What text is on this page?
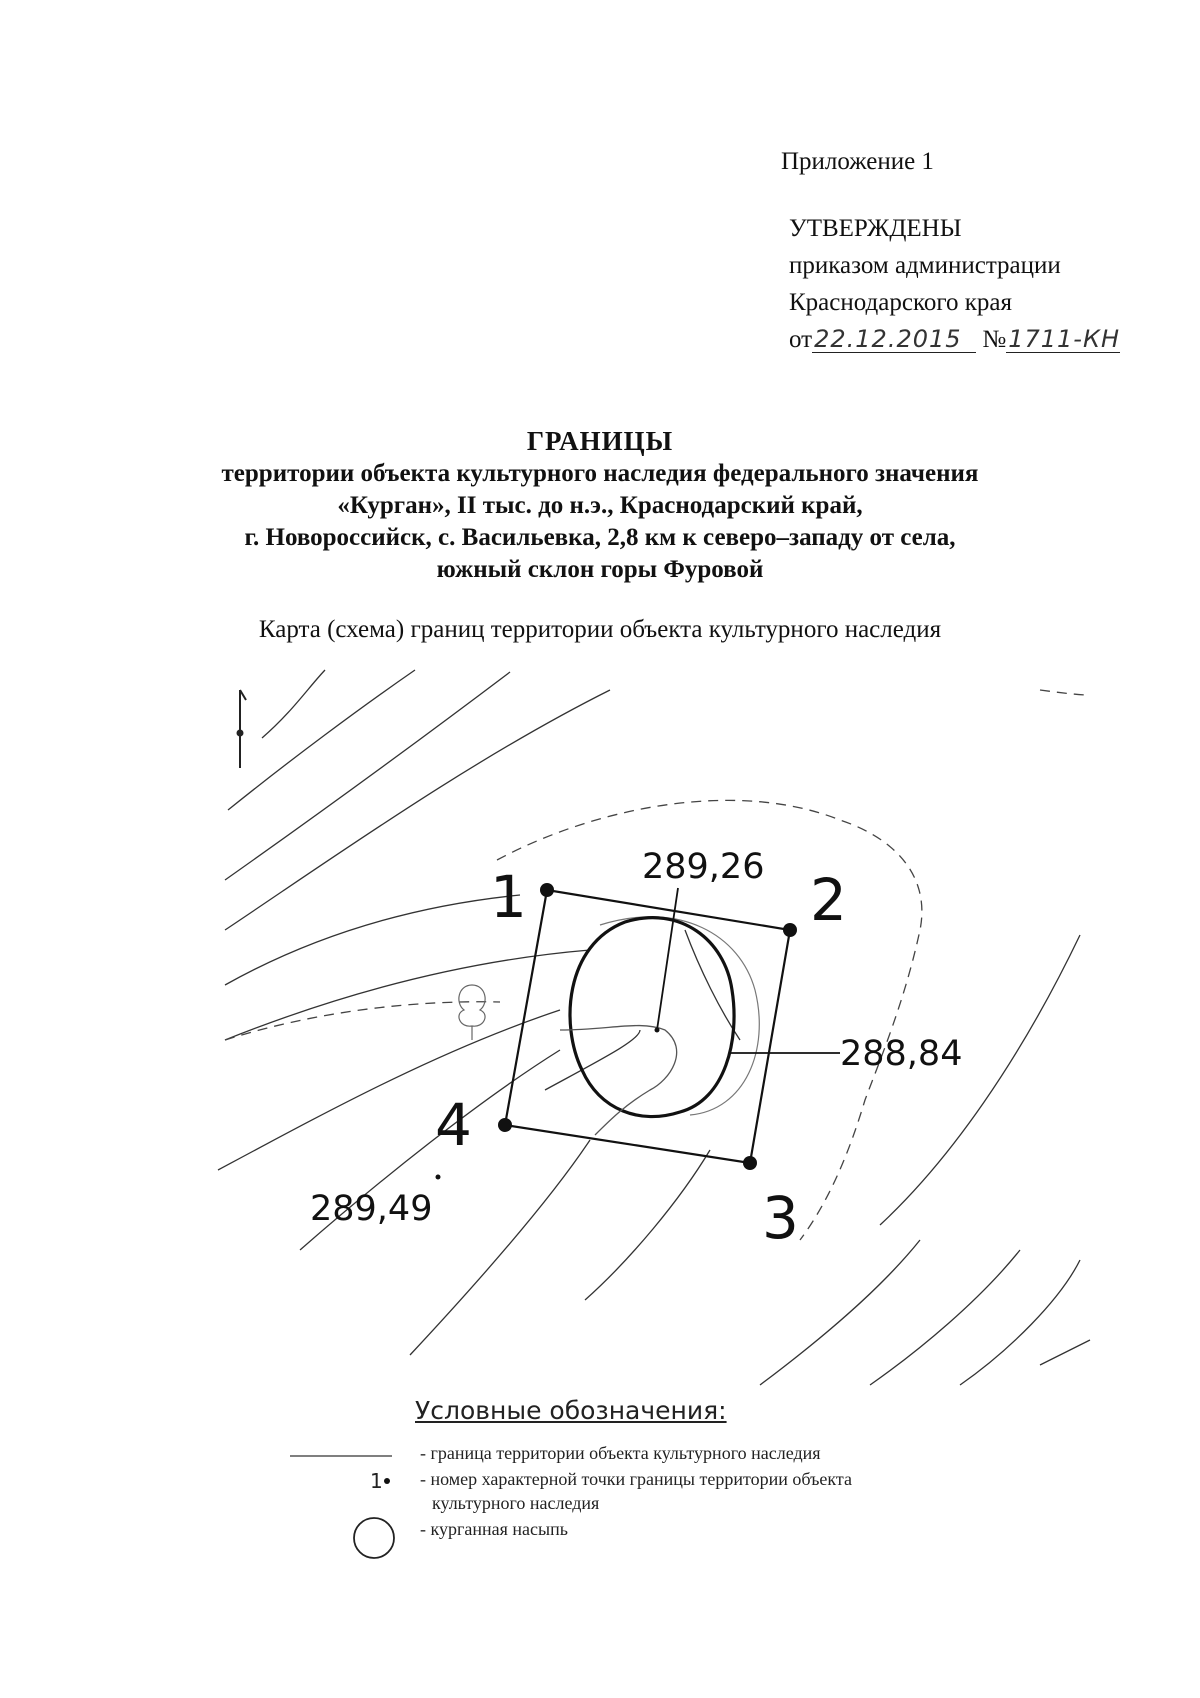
Приложение 1
УТВЕРЖДЕНЫ
приказом администрации
Краснодарского края
от22.12.2015 №1711-КН
ГРАНИЦЫ
территории объекта культурного наследия федерального значения
«Курган», II тыс. до н.э., Краснодарский край,
г. Новороссийск, с. Васильевка, 2,8 км к северо–западу от села,
южный склон горы Фуровой
Карта (схема) границ территории объекта культурного наследия
1	2
3
4
289,26
288,84
289,49
1
Условные обозначения:
- граница территории объекта культурного наследия
- номер характерной точки границы территории объекта
культурного наследия
- курганная насыпь
